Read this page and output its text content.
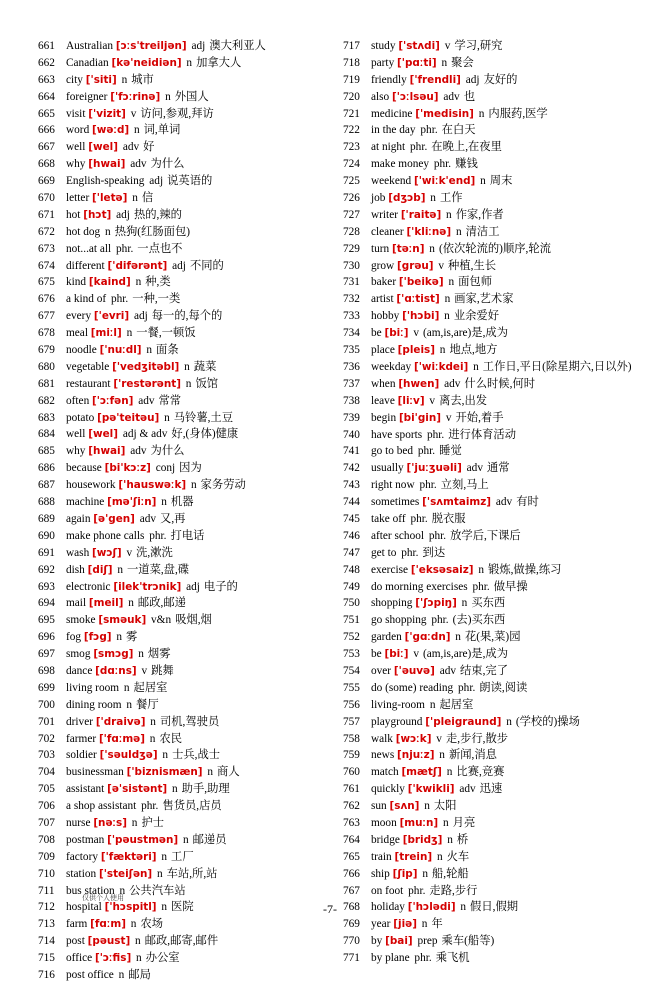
661 Australian [ɔːs'treiljən] adj 澳大利亚人
662 Canadian [kə'neidiən] n 加拿大人
663 city ['siti] n 城市
664 foreigner ['fɔːrinə] n 外国人
665 visit ['vizit] v 访问,参观,拜访
666 word [wəːd] n 词,单词
667 well [wel] adv 好
668 why [hwai] adv 为什么
669 English-speaking adj 说英语的
670 letter ['letə] n 信
671 hot [hɔt] adj 热的,辣的
672 hot dog n 热狗(红肠面包)
673 not...at all phr. 一点也不
674 different ['difərənt] adj 不同的
675 kind [kaind] n 种,类
676 a kind of phr. 一种,一类
677 every ['evri] adj 每一的,每个的
678 meal [miːl] n 一餐,一顿饭
679 noodle ['nuːdl] n 面条
680 vegetable ['vedʒitəbl] n 蔬菜
681 restaurant ['restərənt] n 饭馆
682 often ['ɔːfən] adv 常常
683 potato [pə'teitəu] n 马铃薯,土豆
684 well [wel] adj & adv 好,(身体)健康
685 why [hwai] adv 为什么
686 because [bi'kɔːz] conj 因为
687 housework ['hauswəːk] n 家务劳动
688 machine [mə'ʃiːn] n 机器
689 again [ə'gen] adv 又,再
690 make phone calls phr. 打电话
691 wash [wɔʃ] v 洗,漱洗
692 dish [diʃ] n 一道菜,盘,碟
693 electronic [ilek'trɔnik] adj 电子的
694 mail [meil] n 邮政,邮递
695 smoke [sməuk] v&n 吸烟,烟
696 fog [fɔg] n 雾
697 smog [smɔg] n 烟雾
698 dance [dɑːns] v 跳舞
699 living room n 起居室
700 dining room n 餐厅
701 driver ['draivə] n 司机,驾驶员
702 farmer ['fɑːmə] n 农民
703 soldier ['səuldʒə] n 士兵,战士
704 businessman ['biznismæn] n 商人
705 assistant [ə'sistənt] n 助手,助理
706 a shop assistant phr. 售货员,店员
707 nurse [nəːs] n 护士
708 postman ['pəustmən] n 邮递员
709 factory ['fæktəri] n 工厂
710 station ['steiʃən] n 车站,所,站
711 bus station n 公共汽车站
712 hospital ['hɔspitl] n 医院
713 farm [fɑːm] n 农场
714 post [pəust] n 邮政,邮寄,邮件
715 office ['ɔːfis] n 办公室
716 post office n 邮局
717 study ['stʌdi] v 学习,研究
718 party ['pɑːti] n 聚会
719 friendly ['frendli] adj 友好的
720 also ['ɔːlsəu] adv 也
721 medicine ['medisin] n 内服药,医学
722 in the day phr. 在白天
723 at night phr. 在晚上,在夜里
724 make money phr. 赚钱
725 weekend ['wiːk'end] n 周末
726 job [dʒɔb] n 工作
727 writer ['raitə] n 作家,作者
728 cleaner ['kliːnə] n 清洁工
729 turn [təːn] n (依次轮流的)顺序,轮流
730 grow [grəu] v 种植,生长
731 baker ['beikə] n 面包师
732 artist ['ɑːtist] n 画家,艺术家
733 hobby ['hɔbi] n 业余爱好
734 be [biː] v (am,is,are)是,成为
735 place [pleis] n 地点,地方
736 weekday ['wiːkdei] n 工作日,平日(除星期六,日以外)
737 when [hwen] adv 什么时候,何时
738 leave [liːv] v 离去,出发
739 begin [bi'gin] v 开始,着手
740 have sports phr. 进行体育活动
741 go to bed phr. 睡觉
742 usually ['juːʒuəli] adv 通常
743 right now phr. 立刻,马上
744 sometimes ['sʌmtaimz] adv 有时
745 take off phr. 脱衣服
746 after school phr. 放学后,下课后
747 get to phr. 到达
748 exercise ['eksəsaiz] n 锻炼,做操,练习
749 do morning exercises phr. 做早操
750 shopping ['ʃɔpiŋ] n 买东西
751 go shopping phr. (去)买东西
752 garden ['gɑːdn] n 花(果,菜)园
753 be [biː] v (am,is,are)是,成为
754 over ['əuvə] adv 结束,完了
755 do (some) reading phr. 朗读,阅读
756 living-room n 起居室
757 playground ['pleigraund] n (学校的)操场
758 walk [wɔːk] v 走,步行,散步
759 news [njuːz] n 新闻,消息
760 match [mætʃ] n 比赛,竞赛
761 quickly ['kwikli] adv 迅速
762 sun [sʌn] n 太阳
763 moon [muːn] n 月亮
764 bridge [bridʒ] n 桥
765 train [trein] n 火车
766 ship [ʃip] n 船,轮船
767 on foot phr. 走路,步行
768 holiday ['hɔlədi] n 假日,假期
769 year [jiə] n 年
770 by [bai] prep 乘车(船等)
771 by plane phr. 乘飞机
仅供个人使用
-7-
